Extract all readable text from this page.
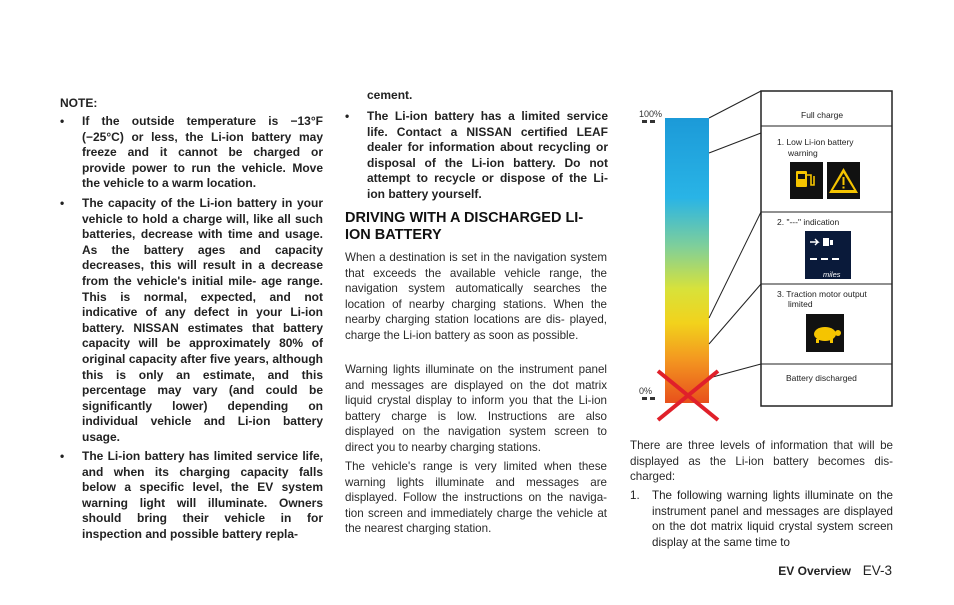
NOTE:
• If the outside temperature is −13°F (−25°C) or less, the Li-ion battery may freeze and it cannot be charged or provide power to run the vehicle. Move the vehicle to a warm location.
• The capacity of the Li-ion battery in your vehicle to hold a charge will, like all such batteries, decrease with time and usage. As the battery ages and capacity decreases, this will result in a decrease from the vehicle's initial mile- age range. This is normal, expected, and not indicative of any defect in your Li-ion battery. NISSAN estimates that battery capacity will be approximately 80% of original capacity after five years, although this is only an estimate, and this percentage may vary (and could be significantly lower) depending on individual vehicle and Li-ion battery usage.
• The Li-ion battery has limited service life, and when its charging capacity falls below a specific level, the EV system warning light will illuminate. Owners should bring their vehicle in for inspection and possible battery repla-
cement.
• The Li-ion battery has a limited service life. Contact a NISSAN certified LEAF dealer for information about recycling or disposal of the Li-ion battery. Do not attempt to recycle or dispose of the Li- ion battery yourself.
DRIVING WITH A DISCHARGED LI-
ION BATTERY
When a destination is set in the navigation system that exceeds the available vehicle range, the navigation system automatically searches the location of nearby charging stations. When the nearby charging station locations are dis- played, charge the Li-ion battery as soon as possible.
Warning lights illuminate on the instrument panel and messages are displayed on the dot matrix liquid crystal display to inform you that the Li-ion battery charge is low. Instructions are also displayed on the navigation system screen to direct you to nearby charging stations.
The vehicle's range is very limited when these warning lights illuminate and messages are displayed. Follow the instructions on the naviga- tion screen and immediately charge the vehicle at the nearest charging station.
100%
0%
Full charge
1. Low Li-ion battery
warning
2. "---" indication
miles
3. Traction motor output
limited
Battery discharged
There are three levels of information that will be displayed as the Li-ion battery becomes dis- charged:
1. The following warning lights illuminate on the instrument panel and messages are displayed on the dot matrix liquid crystal system screen display at the same time to
EV Overview EV-3
